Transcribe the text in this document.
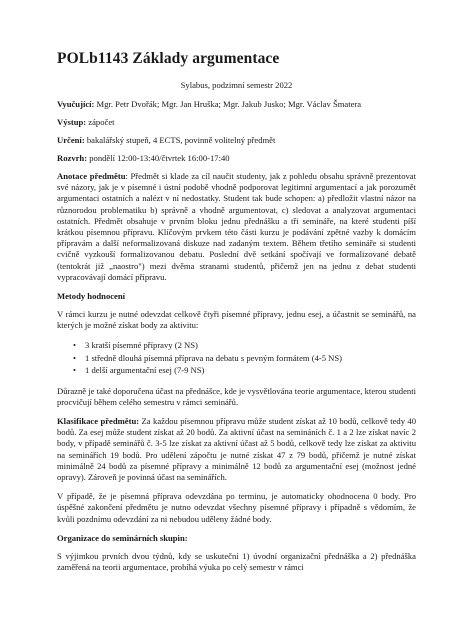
POLb1143 Základy argumentace
Sylabus, podzimní semestr 2022

Vyučující: Mgr. Petr Dvořák; Mgr. Jan Hruška; Mgr. Jakub Jusko; Mgr. Václav Šmatera

Výstup: zápočet

Určení: bakalářský stupeň, 4 ECTS, povinně volitelný předmět

Rozvrh: pondělí 12:00-13:40/čtvrtek 16:00-17:40

Anotace předmětu: Předmět si klade za cíl naučit studenty, jak z pohledu obsahu správně prezentovat své názory, jak je v písemné i ústní podobě vhodně podporovat legitimní argumentací a jak porozumět argumentaci ostatních a nalézt v ní nedostatky. Student tak bude schopen: a) předložit vlastní názor na různorodou problematiku b) správně a vhodně argumentovat, c) sledovat a analyzovat argumentaci ostatních. Předmět obsahuje v prvním bloku jednu přednášku a tři semináře, na které studenti píší krátkou písemnou přípravu. Klíčovým prvkem této části kurzu je podávání zpětné vazby k domácím přípravám a další neformalizovaná diskuze nad zadaným textem. Během třetího semináře si studenti cvičně vyzkouší formalizovanou debatu. Poslední dvě setkání spočívají ve formalizované debatě (tentokrát již „naostro") mezi dvěma stranami studentů, přičemž jen na jednu z debat studenti vypracovávají domácí přípravu.

Metody hodnocení

V rámci kurzu je nutné odevzdat celkově čtyři písemné přípravy, jednu esej, a účastnit se seminářů, na kterých je možné získat body za aktivitu:

• 3 kratší písemné přípravy (2 NS)
• 1 středně dlouhá písemná příprava na debatu s pevným formátem (4-5 NS)
• 1 delší argumentační esej (7-9 NS)

Důrazně je také doporučena účast na přednášce, kde je vysvětlována teorie argumentace, kterou studenti procvičují během celého semestru v rámci seminářů.

Klasifikace předmětu: Za každou písemnou přípravu může student získat až 10 bodů, celkově tedy 40 bodů. Za esej může student získat až 20 bodů. Za aktivní účast na semináních č. 1 a 2 lze získat navíc 2 body, v případě seminářů č. 3-5 lze získat za aktivní účast až 5 bodů, celkově tedy lze získat za aktivitu na seminářích 19 bodů. Pro udělení zápočtu je nutné získat 47 z 79 bodů, přičemž je nutné získat minimálně 24 bodů za písemné přípravy a minimálně 12 bodů za argumentační esej (možnost jedné opravy). Zároveň je povinná účast na seminářích.

V případě, že je písemná příprava odevzdána po terminu, je automaticky ohodnocena 0 body. Pro úspěšné zakončení předmětu je nutno odevzdat všechny písemné přípravy i případně s vědomím, že kvůli pozdnímu odevzdání za ni nebudou uděleny žádné body.

Organizace do seminárních skupin:

S výjimkou prvních dvou týdnů, kdy se uskuteční 1) úvodní organizační přednáška a 2) přednáška zaměřená na teorii argumentace, probíhá výuka po celý semestr v rámci
